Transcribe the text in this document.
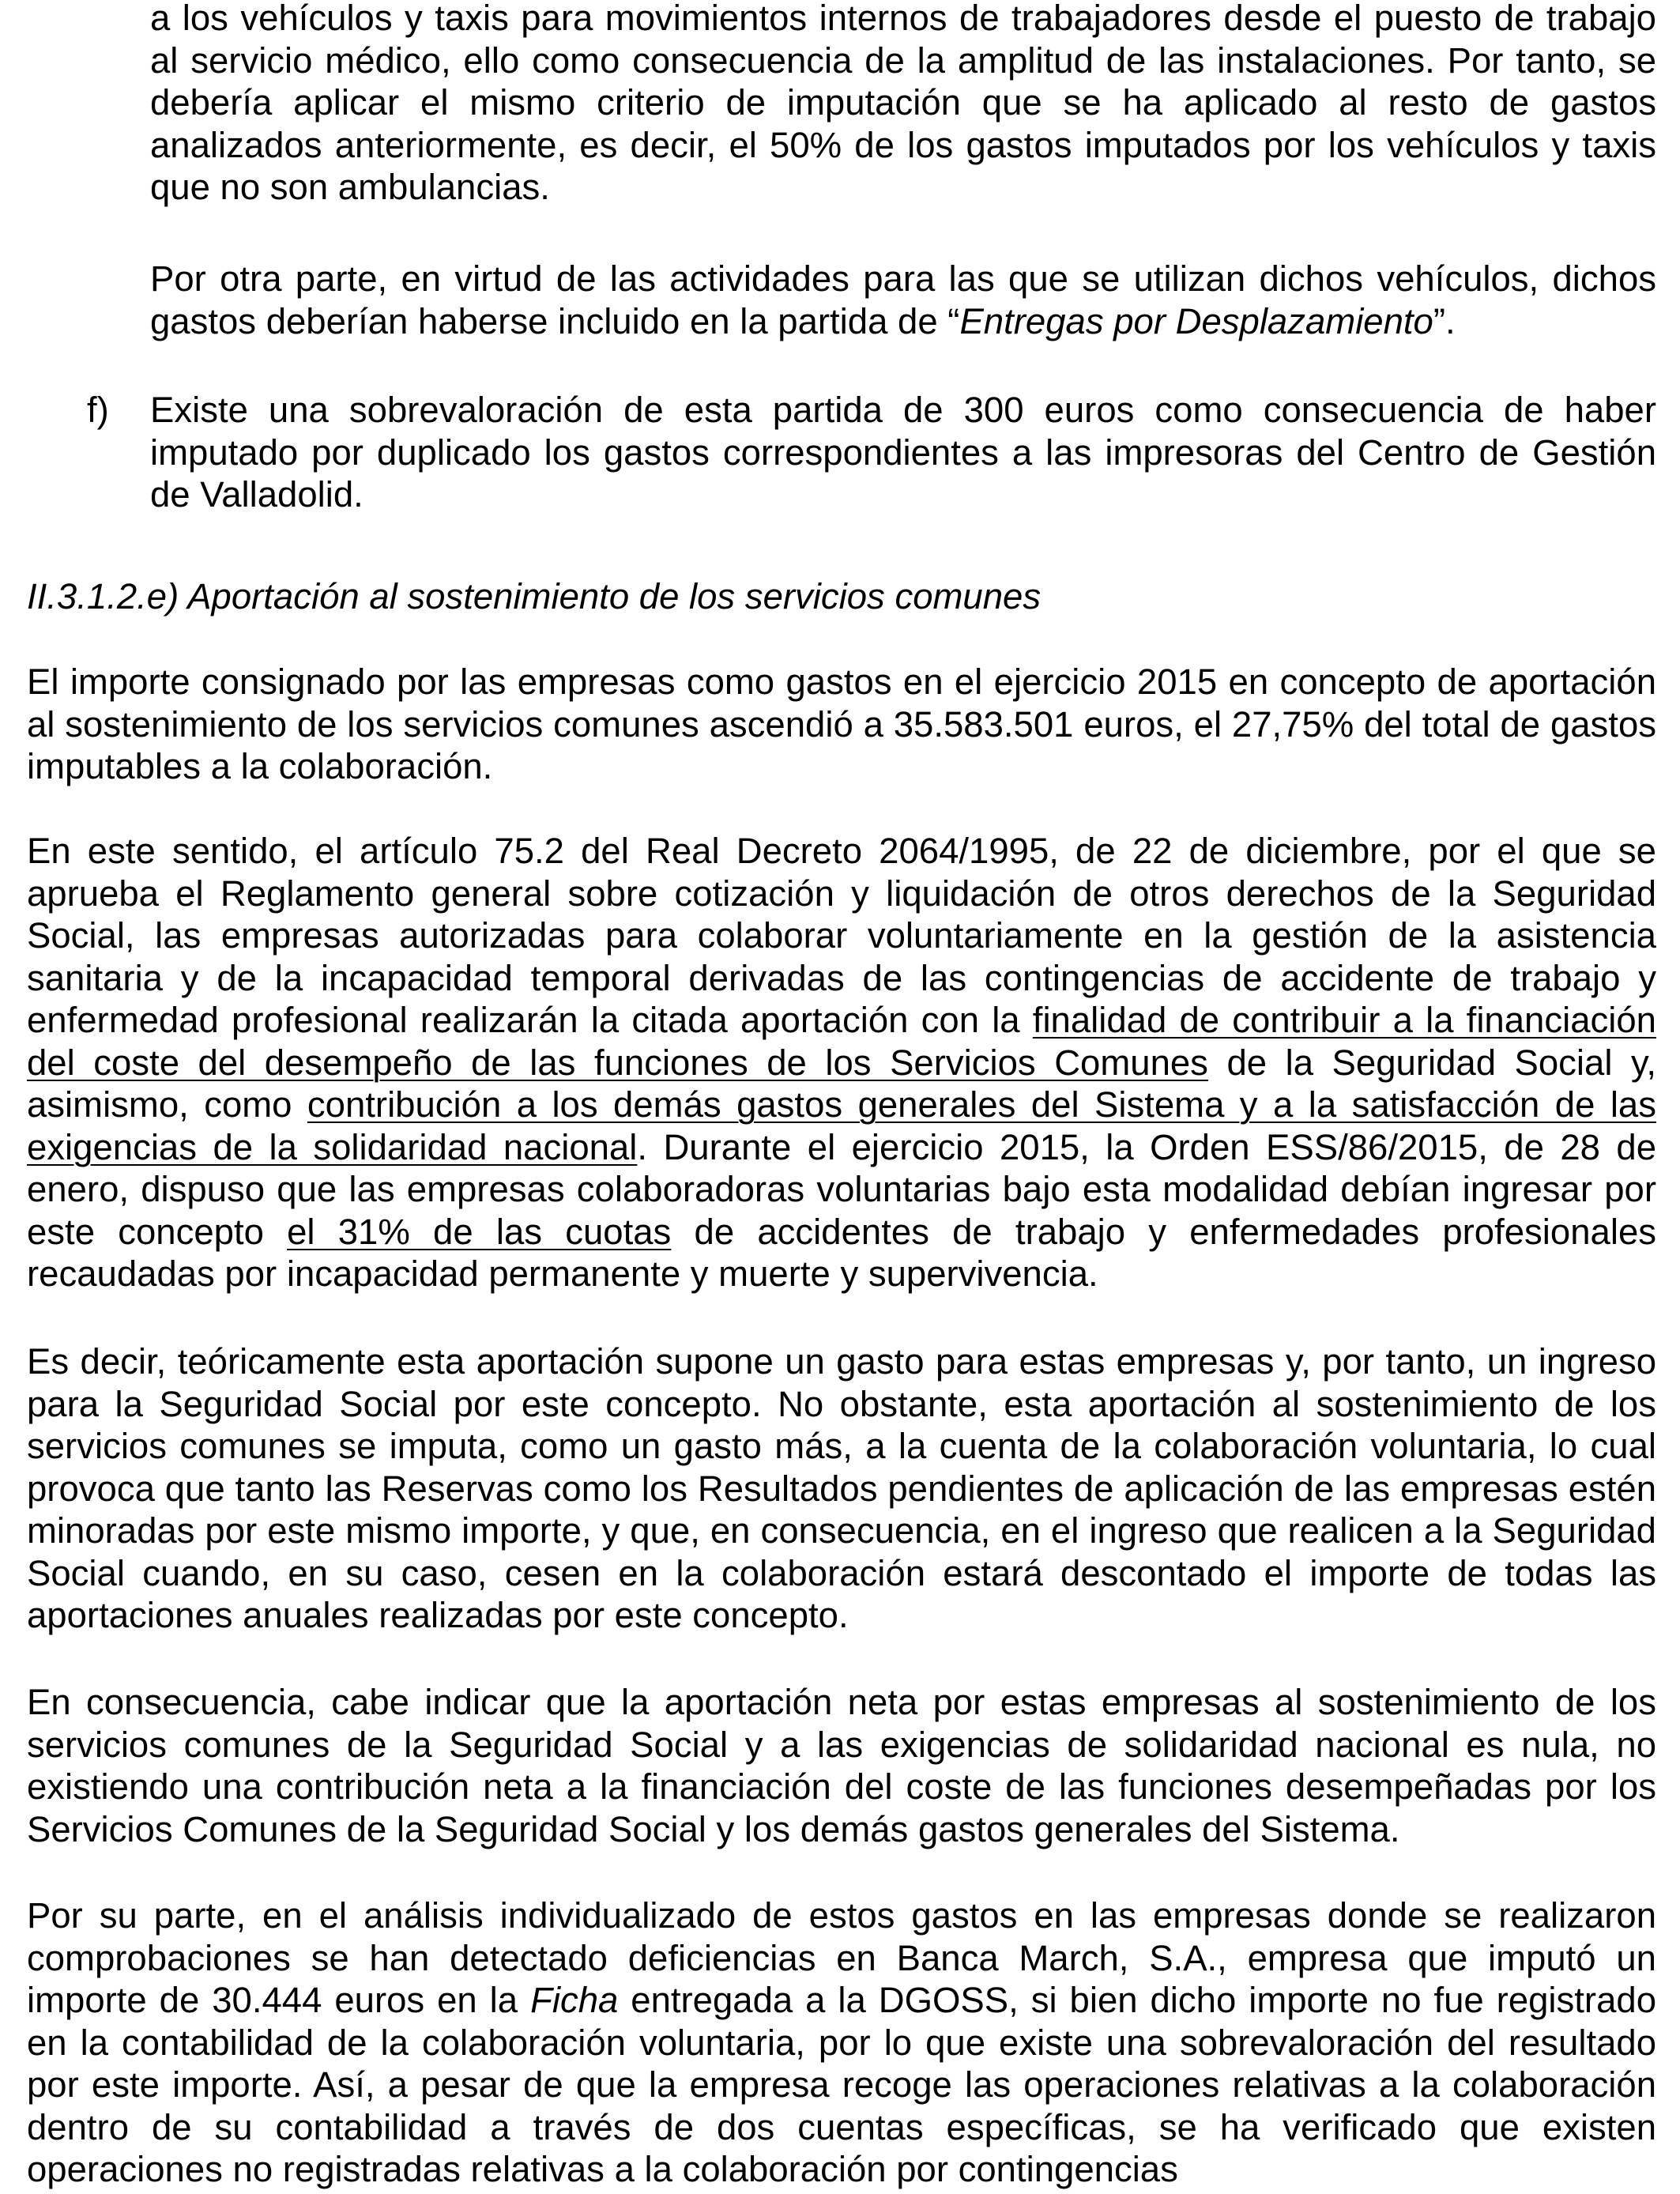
a los vehículos y taxis para movimientos internos de trabajadores desde el puesto de trabajo al servicio médico, ello como consecuencia de la amplitud de las instalaciones. Por tanto, se debería aplicar el mismo criterio de imputación que se ha aplicado al resto de gastos analizados anteriormente, es decir, el 50% de los gastos imputados por los vehículos y taxis que no son ambulancias.

Por otra parte, en virtud de las actividades para las que se utilizan dichos vehículos, dichos gastos deberían haberse incluido en la partida de “Entregas por Desplazamiento”.

f) Existe una sobrevaloración de esta partida de 300 euros como consecuencia de haber imputado por duplicado los gastos correspondientes a las impresoras del Centro de Gestión de Valladolid.

II.3.1.2.e) Aportación al sostenimiento de los servicios comunes

El importe consignado por las empresas como gastos en el ejercicio 2015 en concepto de aportación al sostenimiento de los servicios comunes ascendió a 35.583.501 euros, el 27,75% del total de gastos imputables a la colaboración.

En este sentido, el artículo 75.2 del Real Decreto 2064/1995, de 22 de diciembre, por el que se aprueba el Reglamento general sobre cotización y liquidación de otros derechos de la Seguridad Social, las empresas autorizadas para colaborar voluntariamente en la gestión de la asistencia sanitaria y de la incapacidad temporal derivadas de las contingencias de accidente de trabajo y enfermedad profesional realizarán la citada aportación con la finalidad de contribuir a la financiación del coste del desempeño de las funciones de los Servicios Comunes de la Seguridad Social y, asimismo, como contribución a los demás gastos generales del Sistema y a la satisfacción de las exigencias de la solidaridad nacional. Durante el ejercicio 2015, la Orden ESS/86/2015, de 28 de enero, dispuso que las empresas colaboradoras voluntarias bajo esta modalidad debían ingresar por este concepto el 31% de las cuotas de accidentes de trabajo y enfermedades profesionales recaudadas por incapacidad permanente y muerte y supervivencia.

Es decir, teóricamente esta aportación supone un gasto para estas empresas y, por tanto, un ingreso para la Seguridad Social por este concepto. No obstante, esta aportación al sostenimiento de los servicios comunes se imputa, como un gasto más, a la cuenta de la colaboración voluntaria, lo cual provoca que tanto las Reservas como los Resultados pendientes de aplicación de las empresas estén minoradas por este mismo importe, y que, en consecuencia, en el ingreso que realicen a la Seguridad Social cuando, en su caso, cesen en la colaboración estará descontado el importe de todas las aportaciones anuales realizadas por este concepto.

En consecuencia, cabe indicar que la aportación neta por estas empresas al sostenimiento de los servicios comunes de la Seguridad Social y a las exigencias de solidaridad nacional es nula, no existiendo una contribución neta a la financiación del coste de las funciones desempeñadas por los Servicios Comunes de la Seguridad Social y los demás gastos generales del Sistema.

Por su parte, en el análisis individualizado de estos gastos en las empresas donde se realizaron comprobaciones se han detectado deficiencias en Banca March, S.A., empresa que imputó un importe de 30.444 euros en la Ficha entregada a la DGOSS, si bien dicho importe no fue registrado en la contabilidad de la colaboración voluntaria, por lo que existe una sobrevaloración del resultado por este importe. Así, a pesar de que la empresa recoge las operaciones relativas a la colaboración dentro de su contabilidad a través de dos cuentas específicas, se ha verificado que existen operaciones no registradas relativas a la colaboración por contingencias
